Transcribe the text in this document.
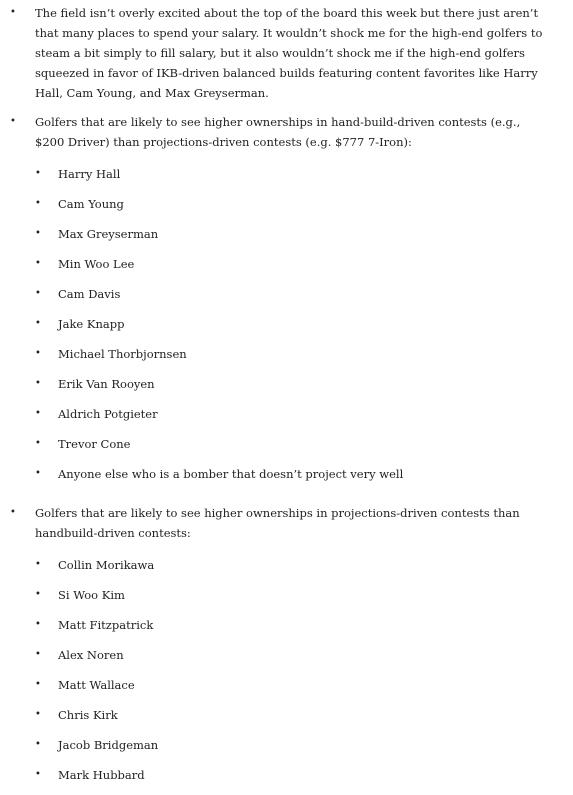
• The field isn’t overly excited about the top of the board this week but there just aren’t that many places to spend your salary. It wouldn’t shock me for the high-end golfers to steam a bit simply to fill salary, but it also wouldn’t shock me if the high-end golfers squeezed in favor of IKB-driven balanced builds featuring content favorites like Harry Hall, Cam Young, and Max Greyserman.
• Golfers that are likely to see higher ownerships in hand-build-driven contests (e.g., $200 Driver) than projections-driven contests (e.g. $777 7-Iron):
• Harry Hall
• Cam Young
• Max Greyserman
• Min Woo Lee
• Cam Davis
• Jake Knapp
• Michael Thorbjornsen
• Erik Van Rooyen
• Aldrich Potgieter
• Trevor Cone
• Anyone else who is a bomber that doesn’t project very well
• Golfers that are likely to see higher ownerships in projections-driven contests than handbuild-driven contests:
• Collin Morikawa
• Si Woo Kim
• Matt Fitzpatrick
• Alex Noren
• Matt Wallace
• Chris Kirk
• Jacob Bridgeman
• Mark Hubbard
